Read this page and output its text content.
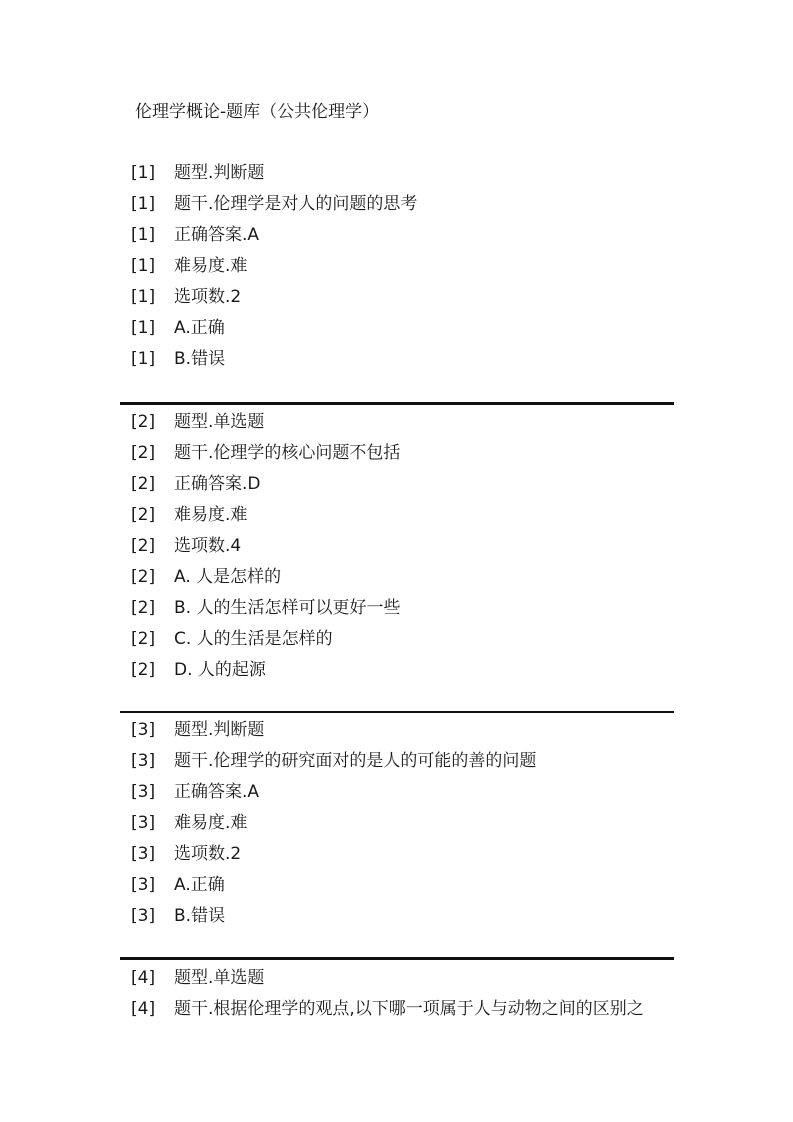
伦理学概论-题库（公共伦理学）
[1] 题型.判断题
[1] 题干.伦理学是对人的问题的思考
[1] 正确答案.A
[1] 难易度.难
[1] 选项数.2
[1] A.正确
[1] B.错误
[2] 题型.单选题
[2] 题干.伦理学的核心问题不包括
[2] 正确答案.D
[2] 难易度.难
[2] 选项数.4
[2] A. 人是怎样的
[2] B. 人的生活怎样可以更好一些
[2] C. 人的生活是怎样的
[2] D. 人的起源
[3] 题型.判断题
[3] 题干.伦理学的研究面对的是人的可能的善的问题
[3] 正确答案.A
[3] 难易度.难
[3] 选项数.2
[3] A.正确
[3] B.错误
[4] 题型.单选题
[4] 题干.根据伦理学的观点,以下哪一项属于人与动物之间的区别之
